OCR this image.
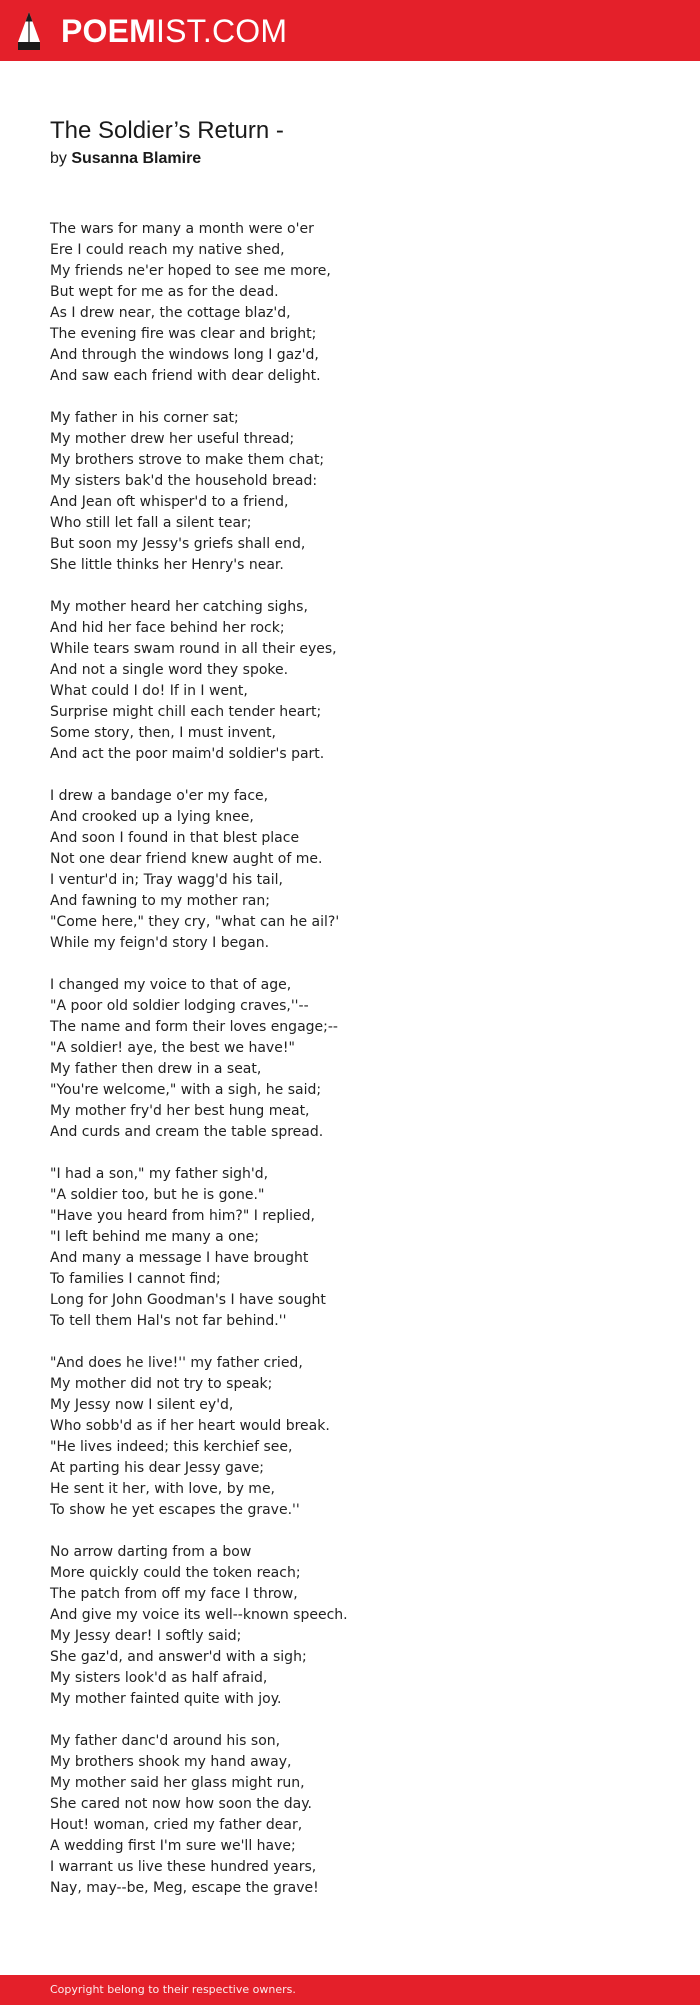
POEMIST.COM
The Soldier’s Return -
by Susanna Blamire
The wars for many a month were o'er
Ere I could reach my native shed,
My friends ne'er hoped to see me more,
But wept for me as for the dead.
As I drew near, the cottage blaz'd,
The evening fire was clear and bright;
And through the windows long I gaz'd,
And saw each friend with dear delight.
My father in his corner sat;
My mother drew her useful thread;
My brothers strove to make them chat;
My sisters bak'd the household bread:
And Jean oft whisper'd to a friend,
Who still let fall a silent tear;
But soon my Jessy's griefs shall end,
She little thinks her Henry's near.
My mother heard her catching sighs,
And hid her face behind her rock;
While tears swam round in all their eyes,
And not a single word they spoke.
What could I do! If in I went,
Surprise might chill each tender heart;
Some story, then, I must invent,
And act the poor maim'd soldier's part.
I drew a bandage o'er my face,
And crooked up a lying knee,
And soon I found in that blest place
Not one dear friend knew aught of me.
I ventur'd in; Tray wagg'd his tail,
And fawning to my mother ran;
"Come here," they cry, "what can he ail?'
While my feign'd story I began.
I changed my voice to that of age,
"A poor old soldier lodging craves,''--
The name and form their loves engage;--
"A soldier! aye, the best we have!"
My father then drew in a seat,
"You're welcome," with a sigh, he said;
My mother fry'd her best hung meat,
And curds and cream the table spread.
"I had a son," my father sigh'd,
"A soldier too, but he is gone."
"Have you heard from him?" I replied,
"I left behind me many a one;
And many a message I have brought
To families I cannot find;
Long for John Goodman's I have sought
To tell them Hal's not far behind.''
"And does he live!'' my father cried,
My mother did not try to speak;
My Jessy now I silent ey'd,
Who sobb'd as if her heart would break.
"He lives indeed; this kerchief see,
At parting his dear Jessy gave;
He sent it her, with love, by me,
To show he yet escapes the grave.''
No arrow darting from a bow
More quickly could the token reach;
The patch from off my face I throw,
And give my voice its well--known speech.
My Jessy dear! I softly said;
She gaz'd, and answer'd with a sigh;
My sisters look'd as half afraid,
My mother fainted quite with joy.
My father danc'd around his son,
My brothers shook my hand away,
My mother said her glass might run,
She cared not now how soon the day.
Hout! woman, cried my father dear,
A wedding first I'm sure we'll have;
I warrant us live these hundred years,
Nay, may--be, Meg, escape the grave!
Copyright belong to their respective owners.
